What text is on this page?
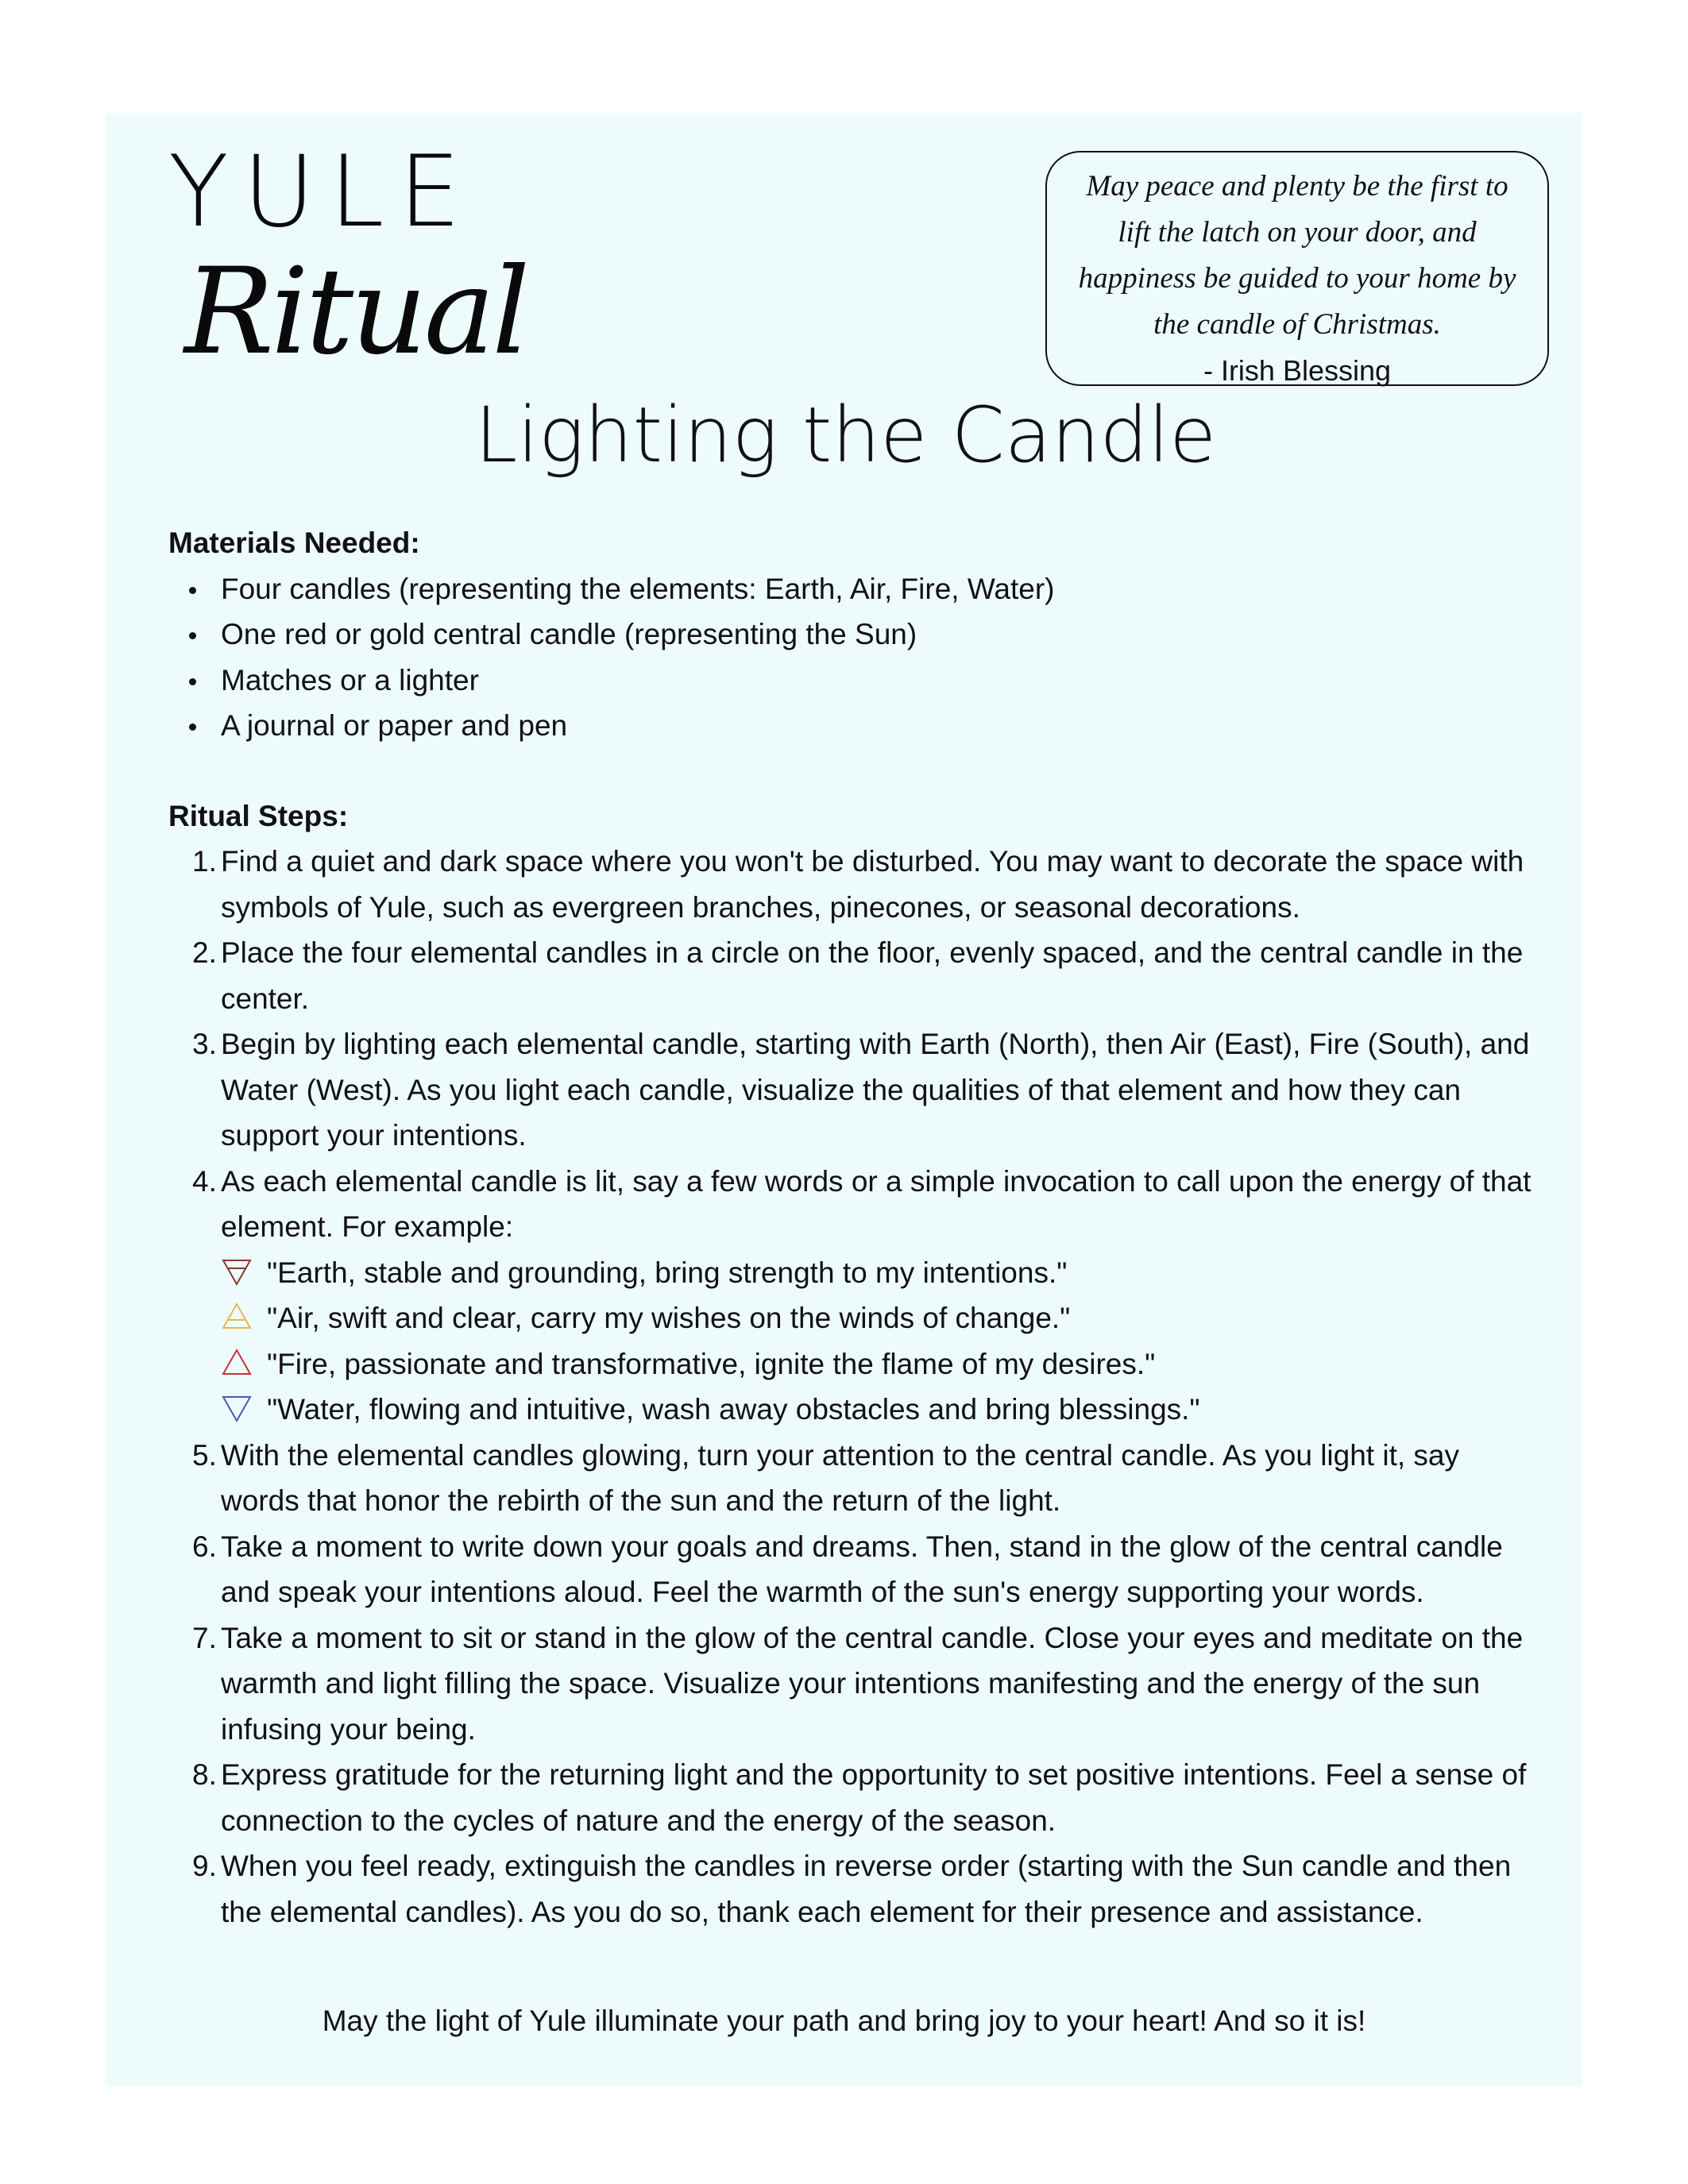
YULE
Ritual
May peace and plenty be the first to
lift the latch on your door, and
happiness be guided to your home by
the candle of Christmas.
- Irish Blessing
Lighting the Candle

Materials Needed:

Four candles (representing the elements: Earth, Air, Fire, Water)
One red or gold central candle (representing the Sun)
Matches or a lighter
A journal or paper and pen

Ritual Steps:

1. Find a quiet and dark space where you won't be disturbed. You may want to decorate the space with symbols of Yule, such as evergreen branches, pinecones, or seasonal decorations.
2. Place the four elemental candles in a circle on the floor, evenly spaced, and the central candle in the center.
3. Begin by lighting each elemental candle, starting with Earth (North), then Air (East), Fire (South), and Water (West). As you light each candle, visualize the qualities of that element and how they can support your intentions.
4. As each elemental candle is lit, say a few words or a simple invocation to call upon the energy of that element. For example:
"Earth, stable and grounding, bring strength to my intentions."
"Air, swift and clear, carry my wishes on the winds of change."
"Fire, passionate and transformative, ignite the flame of my desires."
"Water, flowing and intuitive, wash away obstacles and bring blessings."
5. With the elemental candles glowing, turn your attention to the central candle. As you light it, say words that honor the rebirth of the sun and the return of the light.
6. Take a moment to write down your goals and dreams. Then, stand in the glow of the central candle and speak your intentions aloud. Feel the warmth of the sun's energy supporting your words.
7. Take a moment to sit or stand in the glow of the central candle. Close your eyes and meditate on the warmth and light filling the space. Visualize your intentions manifesting and the energy of the sun infusing your being.
8. Express gratitude for the returning light and the opportunity to set positive intentions. Feel a sense of connection to the cycles of nature and the energy of the season.
9. When you feel ready, extinguish the candles in reverse order (starting with the Sun candle and then the elemental candles). As you do so, thank each element for their presence and assistance.
May the light of Yule illuminate your path and bring joy to your heart! And so it is!
